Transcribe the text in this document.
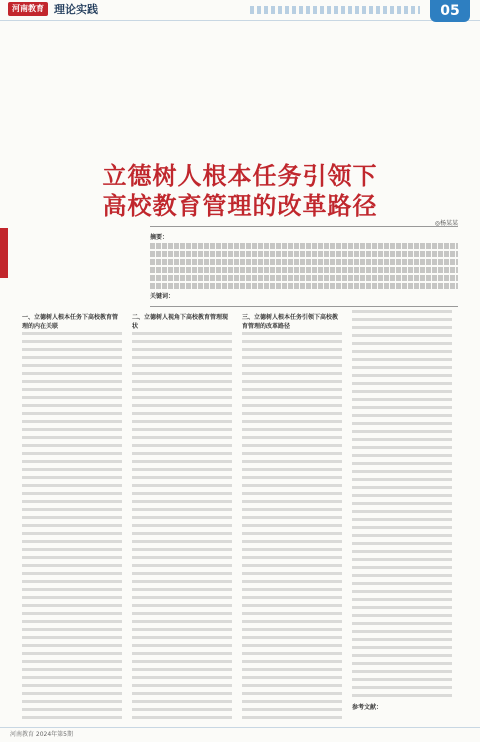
河南教育 理论实践	05
立德树人根本任务引领下
高校教育管理的改革路径
◎杨某某
摘要：
关键词：
一、立德树人根本任务下高校教育管理的内在关联
二、立德树人视角下高校教育管理现状
三、立德树人根本任务引领下高校教育管理的改革路径
参考文献：
河南教育 2024年第5期
